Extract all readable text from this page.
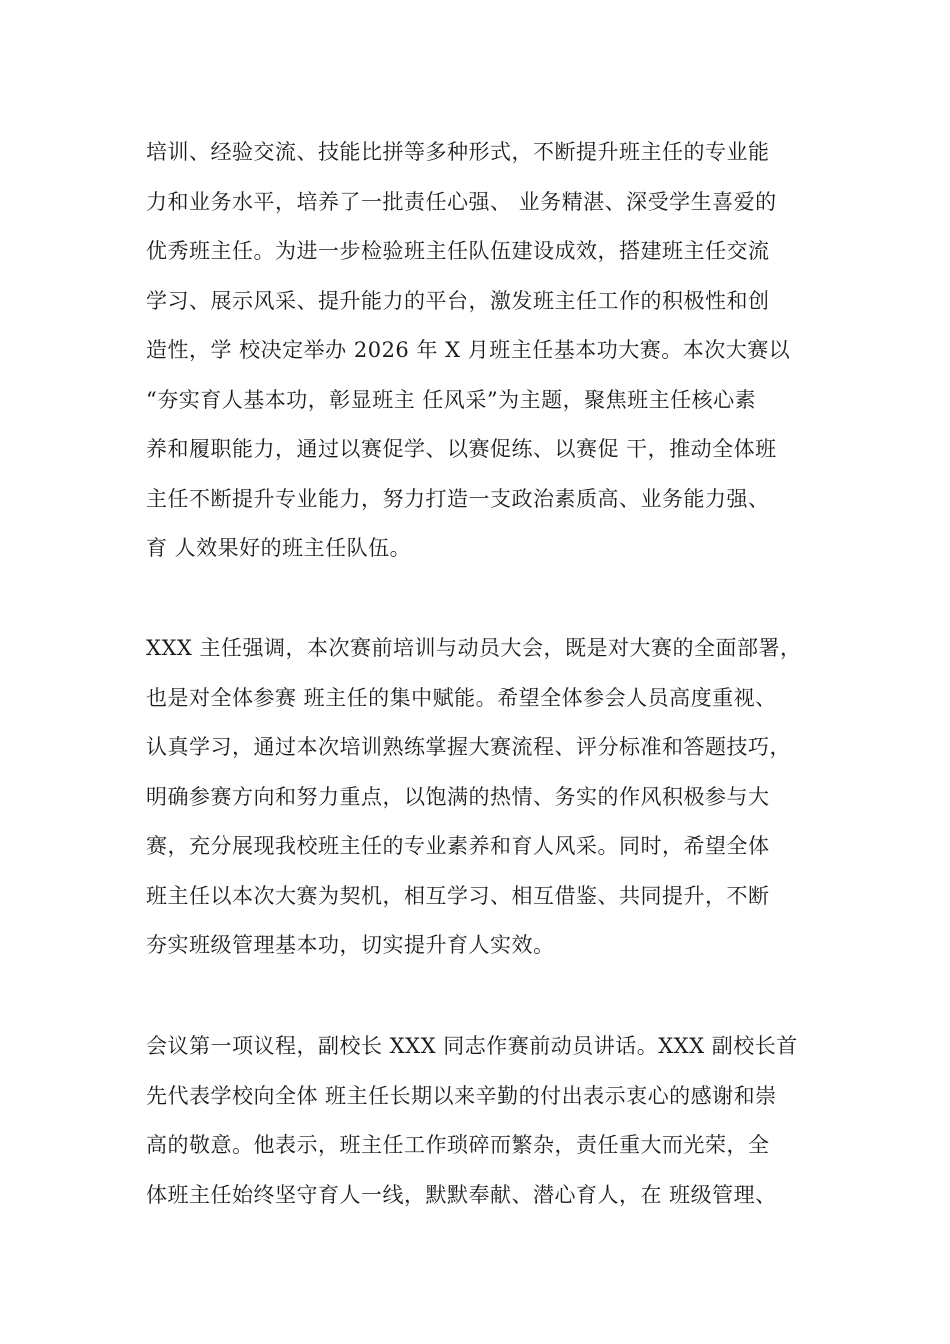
培训、经验交流、技能比拼等多种形式，不断提升班主任的专业能
力和业务水平，培养了一批责任心强、 业务精湛、深受学生喜爱的
优秀班主任。为进一步检验班主任队伍建设成效，搭建班主任交流
学习、展示风采、提升能力的平台，激发班主任工作的积极性和创
造性，学 校决定举办 2026 年 X 月班主任基本功大赛。本次大赛以
“夯实育人基本功，彰显班主 任风采”为主题，聚焦班主任核心素
养和履职能力，通过以赛促学、以赛促练、以赛促 干，推动全体班
主任不断提升专业能力，努力打造一支政治素质高、业务能力强、
育 人效果好的班主任队伍。

XXX 主任强调，本次赛前培训与动员大会，既是对大赛的全面部署，
也是对全体参赛 班主任的集中赋能。希望全体参会人员高度重视、
认真学习，通过本次培训熟练掌握大赛流程、评分标准和答题技巧，
明确参赛方向和努力重点，以饱满的热情、务实的作风积极参与大
赛，充分展现我校班主任的专业素养和育人风采。同时，希望全体
班主任以本次大赛为契机，相互学习、相互借鉴、共同提升，不断
夯实班级管理基本功，切实提升育人实效。

会议第一项议程，副校长 XXX 同志作赛前动员讲话。XXX 副校长首
先代表学校向全体 班主任长期以来辛勤的付出表示衷心的感谢和崇
高的敬意。他表示，班主任工作琐碎而繁杂，责任重大而光荣，全
体班主任始终坚守育人一线，默默奉献、潜心育人，在 班级管理、
